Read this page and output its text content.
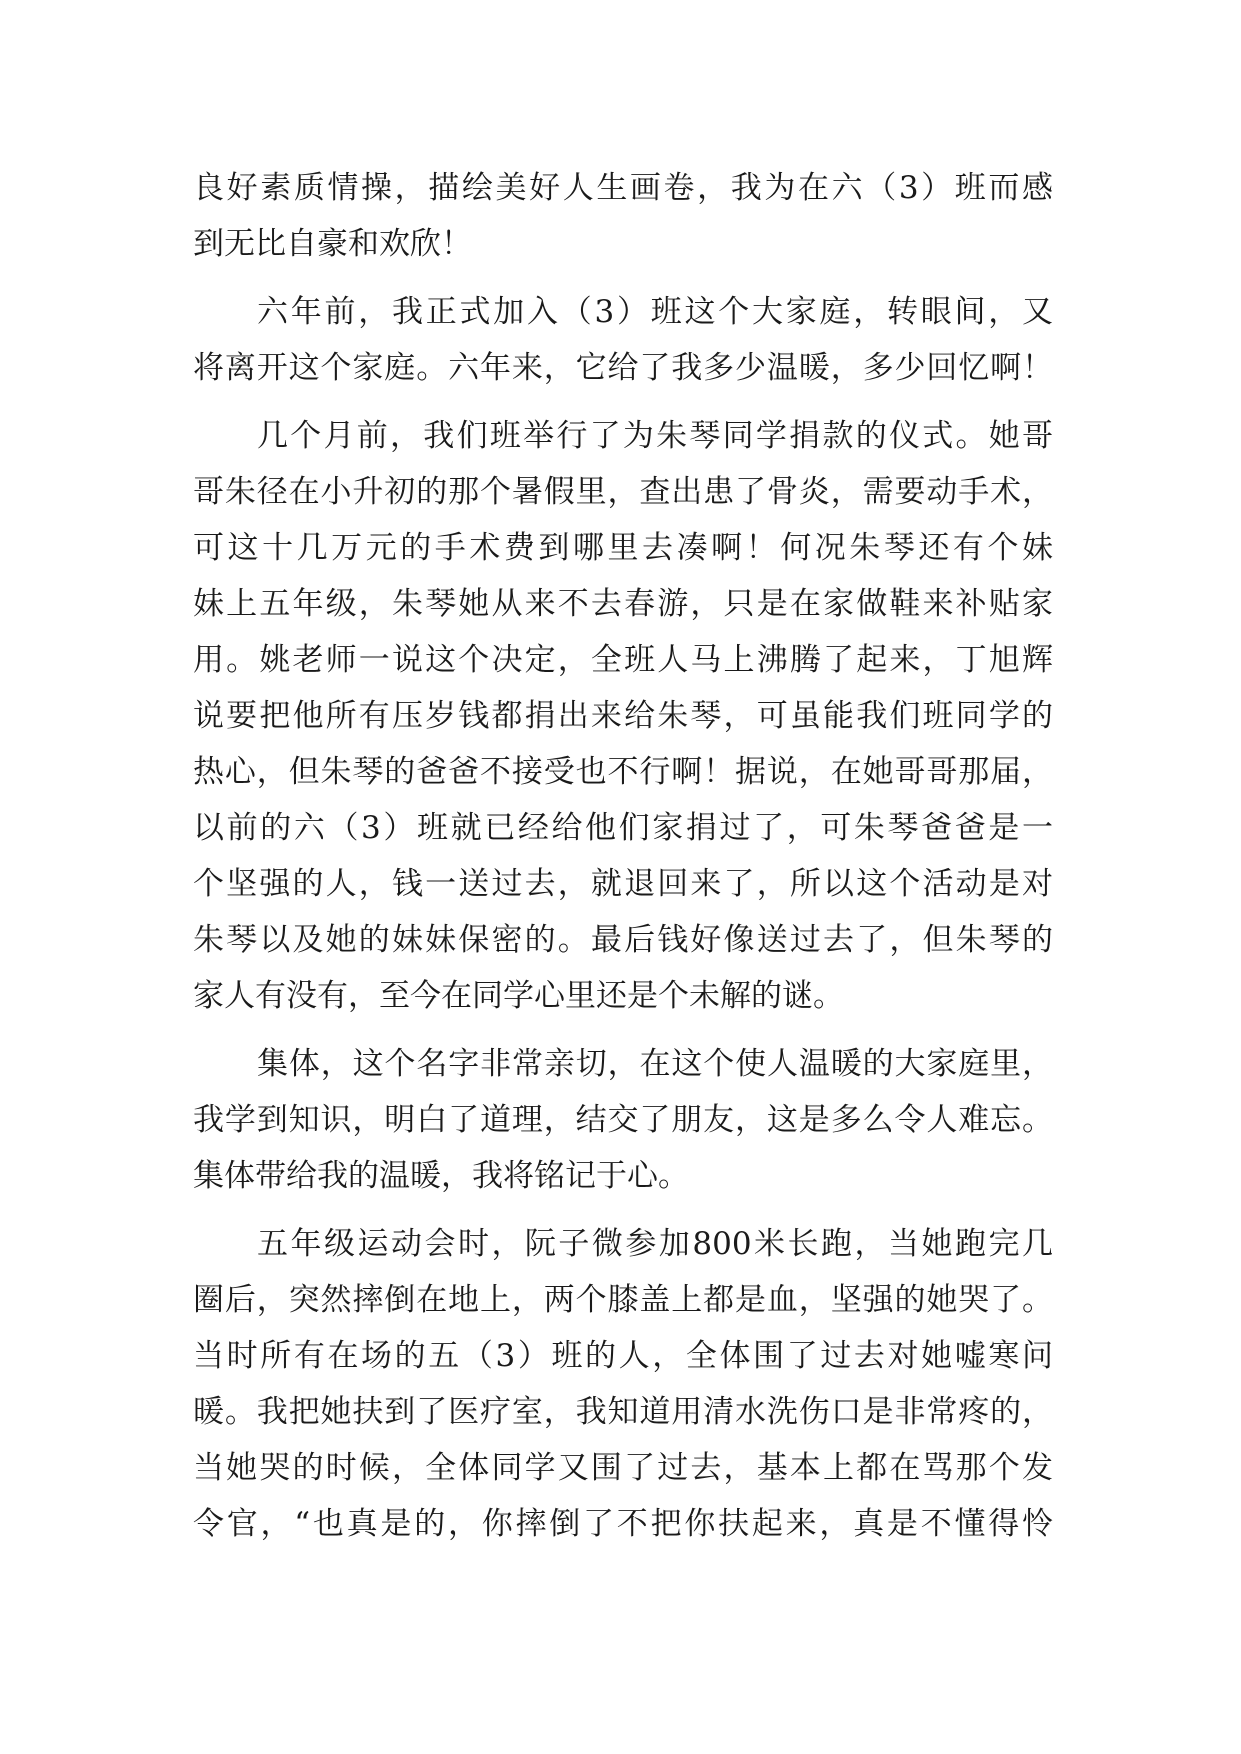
良好素质情操，描绘美好人生画卷，我为在六（3）班而感
到无比自豪和欢欣！
六年前，我正式加入（3）班这个大家庭，转眼间，又
将离开这个家庭。六年来，它给了我多少温暖，多少回忆啊！
几个月前，我们班举行了为朱琴同学捐款的仪式。她哥
哥朱径在小升初的那个暑假里，查出患了骨炎，需要动手术，
可这十几万元的手术费到哪里去凑啊！何况朱琴还有个妹
妹上五年级，朱琴她从来不去春游，只是在家做鞋来补贴家
用。姚老师一说这个决定，全班人马上沸腾了起来，丁旭辉
说要把他所有压岁钱都捐出来给朱琴，可虽能我们班同学的
热心，但朱琴的爸爸不接受也不行啊！据说，在她哥哥那届，
以前的六（3）班就已经给他们家捐过了，可朱琴爸爸是一
个坚强的人，钱一送过去，就退回来了，所以这个活动是对
朱琴以及她的妹妹保密的。最后钱好像送过去了，但朱琴的
家人有没有，至今在同学心里还是个未解的谜。
集体，这个名字非常亲切，在这个使人温暖的大家庭里，
我学到知识，明白了道理，结交了朋友，这是多么令人难忘。
集体带给我的温暖，我将铭记于心。
五年级运动会时，阮子微参加800米长跑，当她跑完几
圈后，突然摔倒在地上，两个膝盖上都是血，坚强的她哭了。
当时所有在场的五（3）班的人，全体围了过去对她嘘寒问
暖。我把她扶到了医疗室，我知道用清水洗伤口是非常疼的，
当她哭的时候，全体同学又围了过去，基本上都在骂那个发
令官，“也真是的，你摔倒了不把你扶起来，真是不懂得怜
